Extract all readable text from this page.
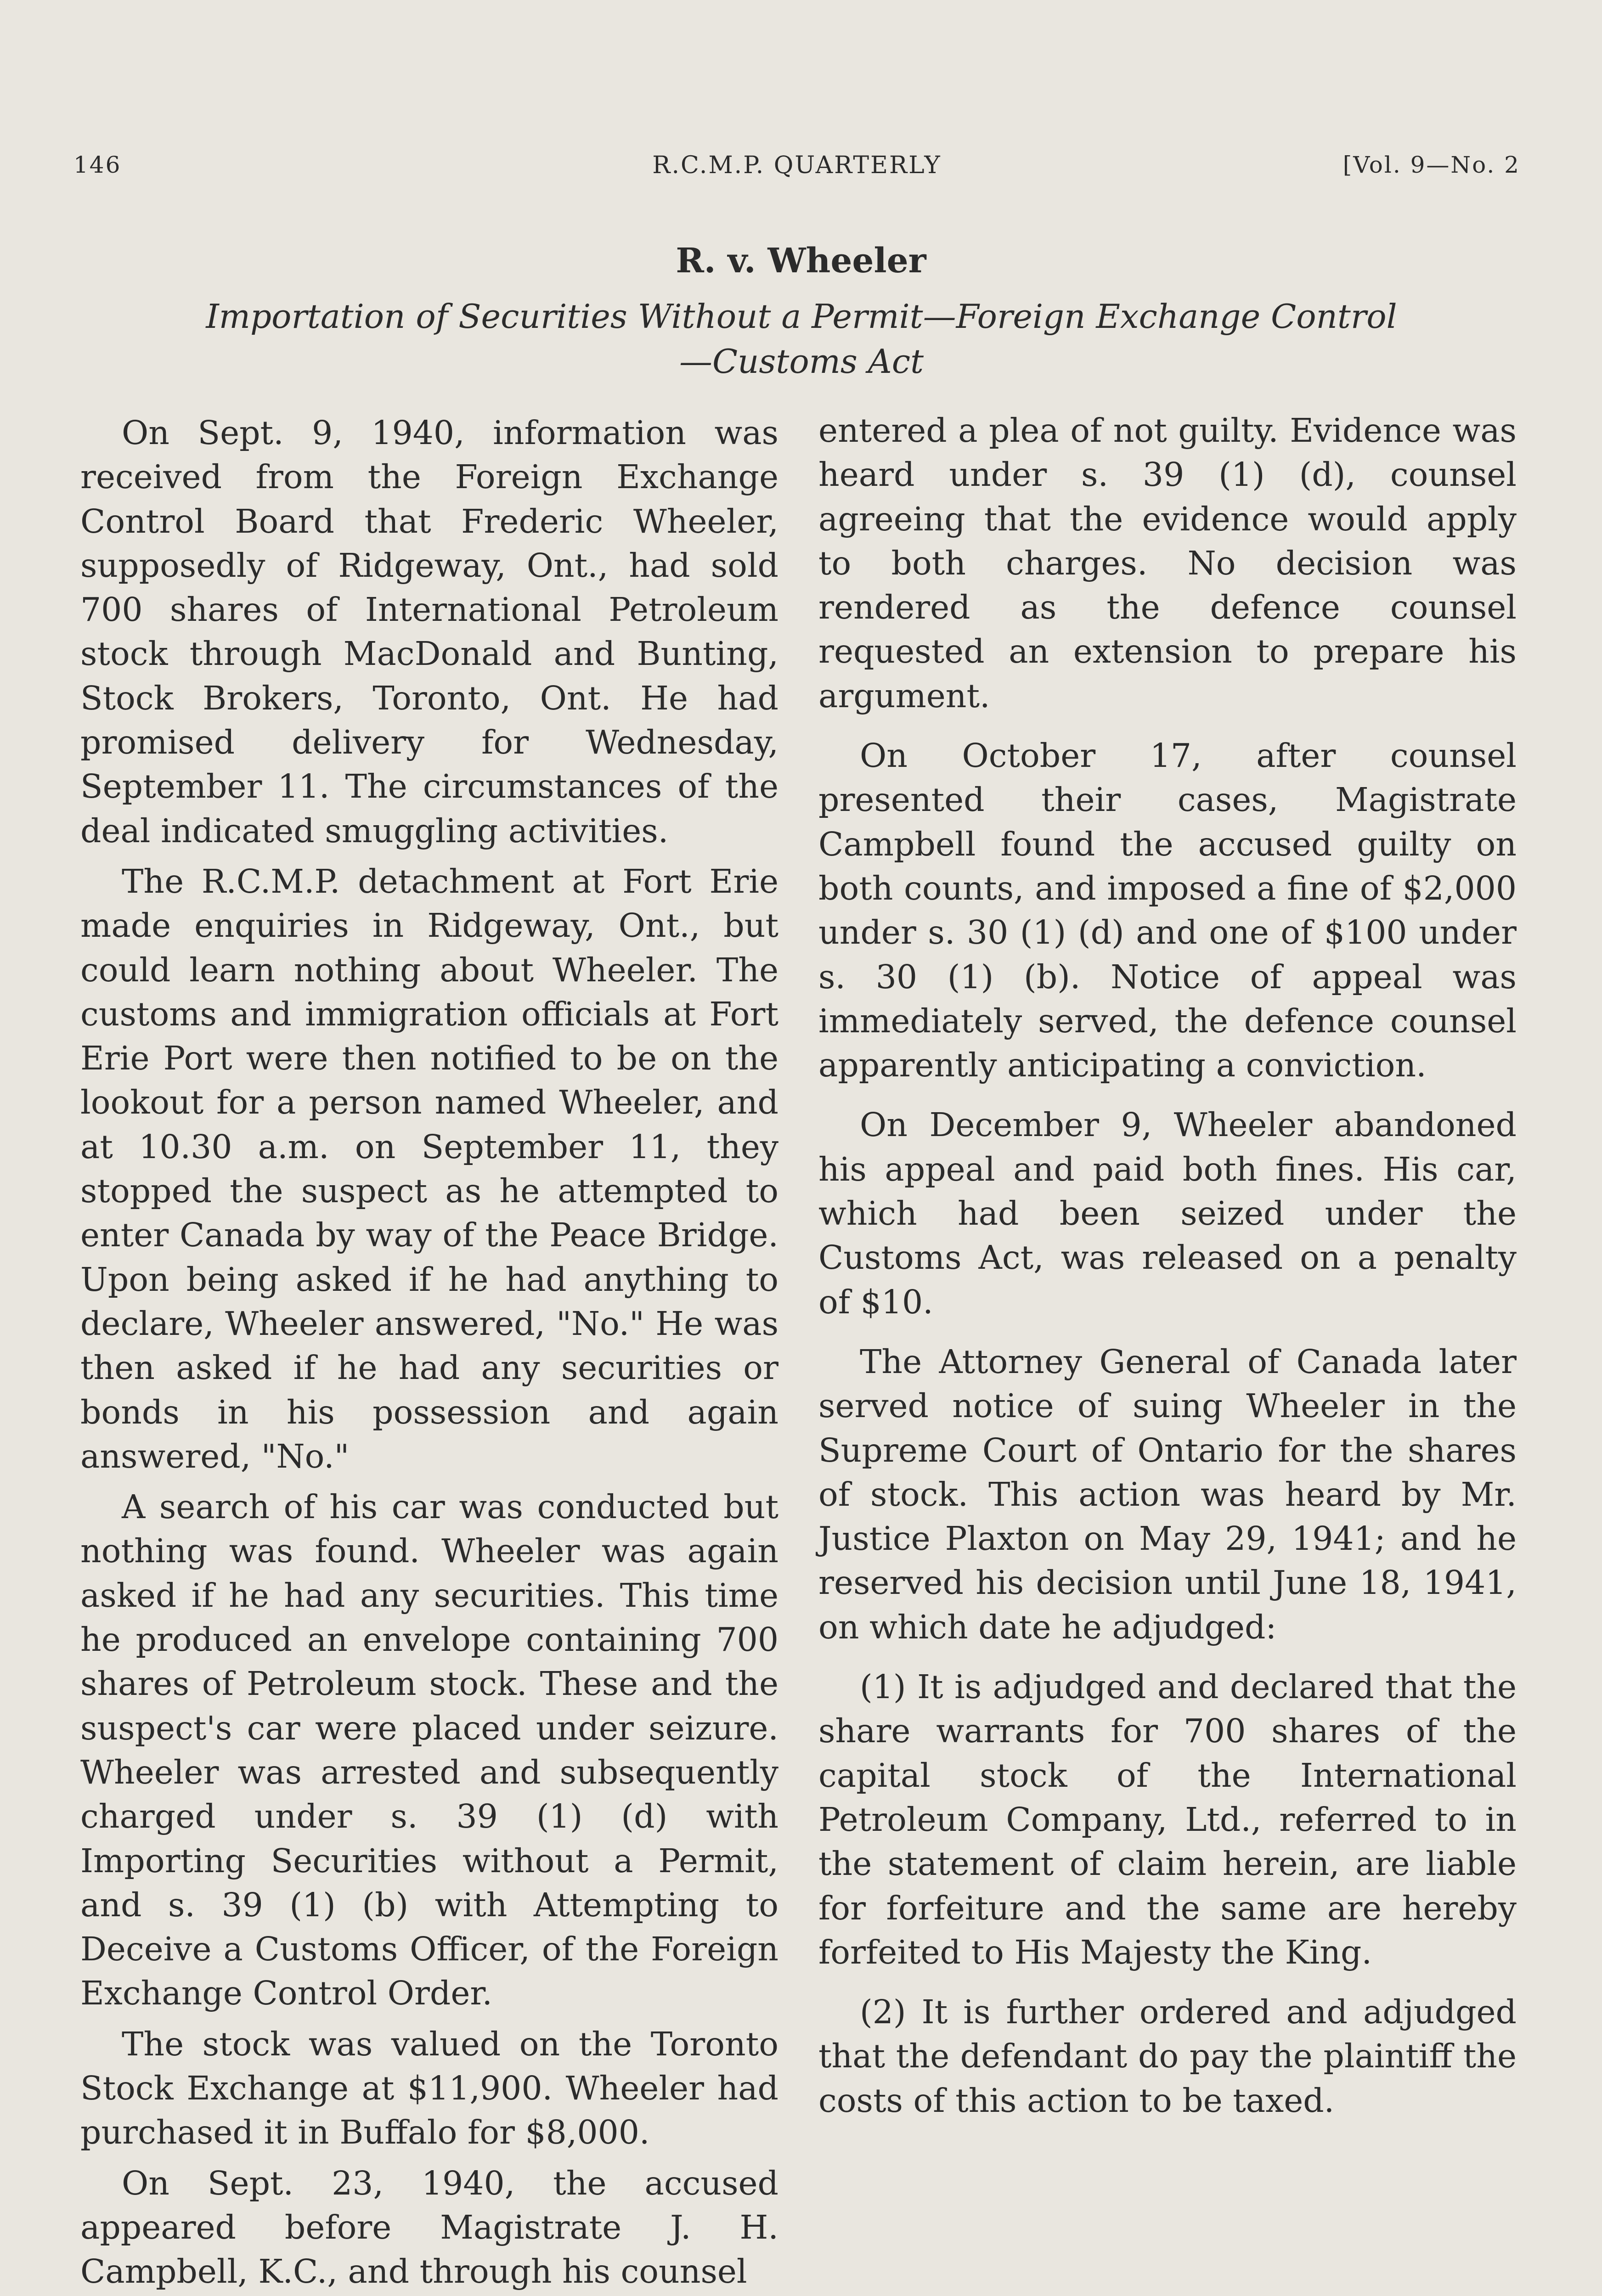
146	R.C.M.P. QUARTERLY	[Vol. 9—No. 2
R. v. Wheeler

Importation of Securities Without a Permit—Foreign Exchange Control—Customs Act

On Sept. 9, 1940, information was received from the Foreign Exchange Control Board that Frederic Wheeler, supposedly of Ridgeway, Ont., had sold 700 shares of International Petroleum stock through MacDonald and Bunting, Stock Brokers, Toronto, Ont. He had promised delivery for Wednesday, September 11. The circumstances of the deal indicated smuggling activities.

The R.C.M.P. detachment at Fort Erie made enquiries in Ridgeway, Ont., but could learn nothing about Wheeler. The customs and immigration officials at Fort Erie Port were then notified to be on the lookout for a person named Wheeler, and at 10.30 a.m. on September 11, they stopped the suspect as he attempted to enter Canada by way of the Peace Bridge. Upon being asked if he had anything to declare, Wheeler answered, "No." He was then asked if he had any securities or bonds in his possession and again answered, "No."

A search of his car was conducted but nothing was found. Wheeler was again asked if he had any securities. This time he produced an envelope containing 700 shares of Petroleum stock. These and the suspect's car were placed under seizure. Wheeler was arrested and subsequently charged under s. 39 (1) (d) with Importing Securities without a Permit, and s. 39 (1) (b) with Attempting to Deceive a Customs Officer, of the Foreign Exchange Control Order.

The stock was valued on the Toronto Stock Exchange at $11,900. Wheeler had purchased it in Buffalo for $8,000.

On Sept. 23, 1940, the accused appeared before Magistrate J. H. Campbell, K.C., and through his counsel

entered a plea of not guilty. Evidence was heard under s. 39 (1) (d), counsel agreeing that the evidence would apply to both charges. No decision was rendered as the defence counsel requested an extension to prepare his argument.

On October 17, after counsel presented their cases, Magistrate Campbell found the accused guilty on both counts, and imposed a fine of $2,000 under s. 30 (1) (d) and one of $100 under s. 30 (1) (b). Notice of appeal was immediately served, the defence counsel apparently anticipating a conviction.

On December 9, Wheeler abandoned his appeal and paid both fines. His car, which had been seized under the Customs Act, was released on a penalty of $10.

The Attorney General of Canada later served notice of suing Wheeler in the Supreme Court of Ontario for the shares of stock. This action was heard by Mr. Justice Plaxton on May 29, 1941; and he reserved his decision until June 18, 1941, on which date he adjudged:

(1) It is adjudged and declared that the share warrants for 700 shares of the capital stock of the International Petroleum Company, Ltd., referred to in the statement of claim herein, are liable for forfeiture and the same are hereby forfeited to His Majesty the King.

(2) It is further ordered and adjudged that the defendant do pay the plaintiff the costs of this action to be taxed.
